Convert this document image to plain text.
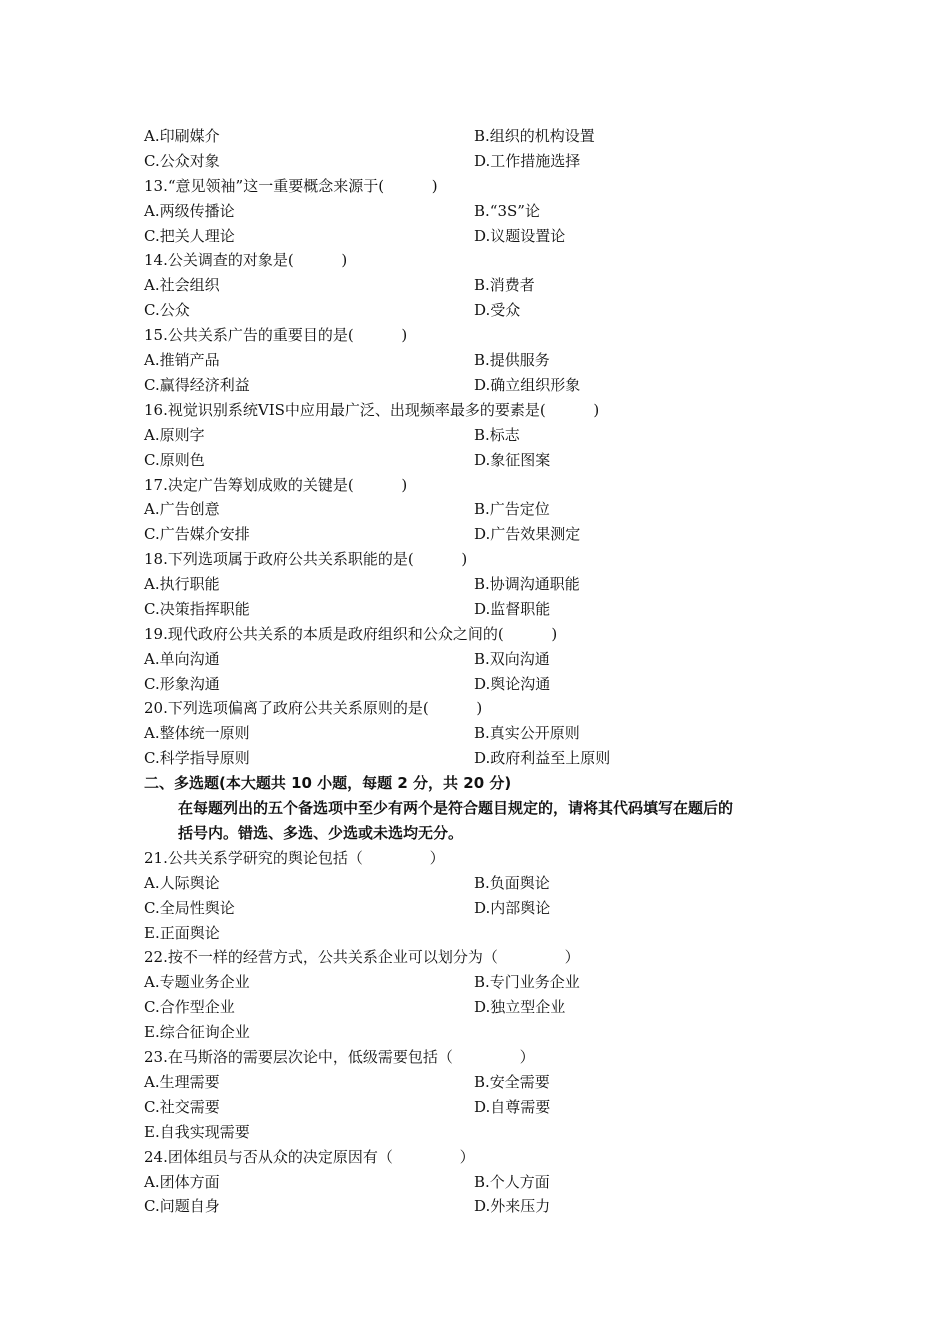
A.印刷媒介	B.组织的机构设置
C.公众对象	D.工作措施选择
13.“意见领袖”这一重要概念来源于(          )
A.两级传播论	B.“3S”论
C.把关人理论	D.议题设置论
14.公关调查的对象是(          )
A.社会组织	B.消费者
C.公众	D.受众
15.公共关系广告的重要目的是(          )
A.推销产品	B.提供服务
C.赢得经济利益	D.确立组织形象
16.视觉识别系统VIS中应用最广泛、出现频率最多的要素是(          )
A.原则字	B.标志
C.原则色	D.象征图案
17.决定广告筹划成败的关键是(          )
A.广告创意	B.广告定位
C.广告媒介安排	D.广告效果测定
18.下列选项属于政府公共关系职能的是(          )
A.执行职能	B.协调沟通职能
C.决策指挥职能	D.监督职能
19.现代政府公共关系的本质是政府组织和公众之间的(          )
A.单向沟通	B.双向沟通
C.形象沟通	D.舆论沟通
20.下列选项偏离了政府公共关系原则的是(          )
A.整体统一原则	B.真实公开原则
C.科学指导原则	D.政府利益至上原则
二、多选题(本大题共 10 小题，每题 2 分，共 20 分)
在每题列出的五个备选项中至少有两个是符合题目规定的，请将其代码填写在题后的
括号内。错选、多选、少选或未选均无分。
21.公共关系学研究的舆论包括（              ）
A.人际舆论	B.负面舆论
C.全局性舆论	D.内部舆论
E.正面舆论
22.按不一样的经营方式，公共关系企业可以划分为（              ）
A.专题业务企业	B.专门业务企业
C.合作型企业	D.独立型企业
E.综合征询企业
23.在马斯洛的需要层次论中，低级需要包括（              ）
A.生理需要	B.安全需要
C.社交需要	D.自尊需要
E.自我实现需要
24.团体组员与否从众的决定原因有（              ）
A.团体方面	B.个人方面
C.问题自身	D.外来压力
